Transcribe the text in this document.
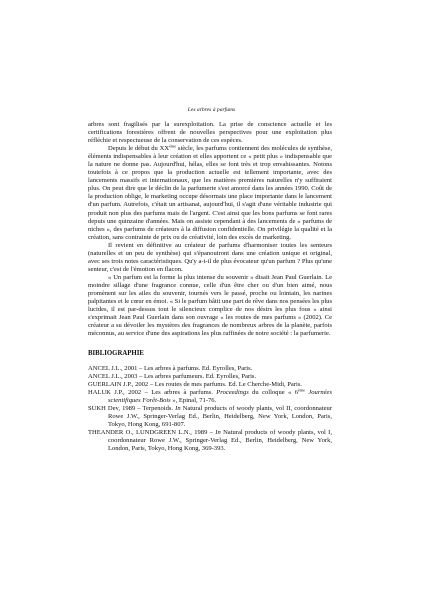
Les arbres à parfums

arbres sont fragilisés par la surexploitation. La prise de conscience actuelle et les certifications forestières offrent de nouvelles perspectives pour une exploitation plus réfléchie et respectueuse de la conservation de ces espèces.

Depuis le début du XXème siècle, les parfums contiennent des molécules de synthèse, éléments indispensables à leur création et elles apportent ce « petit plus » indispensable que la nature ne donne pas. Aujourd'hui, hélas, elles se font très et trop envahissantes. Notons toutefois à ce propos que la production actuelle est tellement importante, avec des lancements massifs et internationaux, que les matières premières naturelles n'y suffiraient plus. On peut dire que le déclin de la parfumerie s'est amorcé dans les années 1990. Coût de la production oblige, le marketing occupe désormais une place importante dans le lancement d'un parfum. Autrefois, c'était un artisanat, aujourd'hui, il s'agit d'une véritable industrie qui produit non plus des parfums mais de l'argent. C'est ainsi que les bons parfums se font rares depuis une quinzaine d'années. Mais on assiste cependant à des lancements de « parfums de niches », des parfums de créateurs à la diffusion confidentielle. On privilégie la qualité et la création, sans contrainte de prix ou de créativité, loin des excès de marketing.

Il revient en définitive au créateur de parfums d'harmoniser toutes les senteurs (naturelles et un peu de synthèse) qui s'épanouiront dans une création unique et original, avec ses trois notes caractéristiques. Qu'y a-t-il de plus évocateur qu'un parfum ? Plus qu'une senteur, c'est de l'émotion en flacon.

« Un parfum est la forme la plus intense du souvenir » disait Jean Paul Guerlain. Le moindre sillage d'une fragrance connue, celle d'un être cher ou d'un bien aimé, nous promènent sur les ailes du souvenir, tournés vers le passé, proche ou lointain, les narines palpitantes et le cœur en émoi. « Si le parfum bâtit une part de rêve dans nos pensées les plus lucides, il est par-dessus tout le silencieux complice de nos désirs les plus fous » ainsi s'exprimait Jean Paul Guerlain dans son ouvrage « les routes de mes parfums » (2002). Ce créateur a su dévoiler les mystères des fragrances de nombreux arbres de la planète, parfois méconnus, au service d'une des aspirations les plus raffinées de notre société : la parfumerie.

BIBLIOGRAPHIE
ANCEL J.L., 2001 – Les arbres à parfums. Ed. Eyrolles, Paris.
ANCEL J.L., 2003 – Les arbres parfumeurs. Ed. Eyrolles, Paris.
GUERLAIN J.P., 2002 – Les routes de mes parfums. Ed. Le Cherche-Midi, Paris.
HALUK J.P., 2002 – Les arbres à parfums. Proceedings du colloque « 6ème Journées scientifiques Forêt-Bois », Epinal, 71-76.
SUKH Dev, 1989 – Terpenoids. In Natural products of woody plants, vol II, coordonnateur Rowe J.W., Springer-Verlag Ed., Berlin, Heidelberg, New York, London, Paris, Tokyo, Hong Kong, 691-807.
THEANDER O., LUNDGREEN L.N., 1989 – In Natural products of woody plants, vol I, coordonnateur Rowe J.W., Springer-Verlag Ed., Berlin, Heidelberg, New York, London, Paris, Tokyo, Hong Kong, 369-393.
